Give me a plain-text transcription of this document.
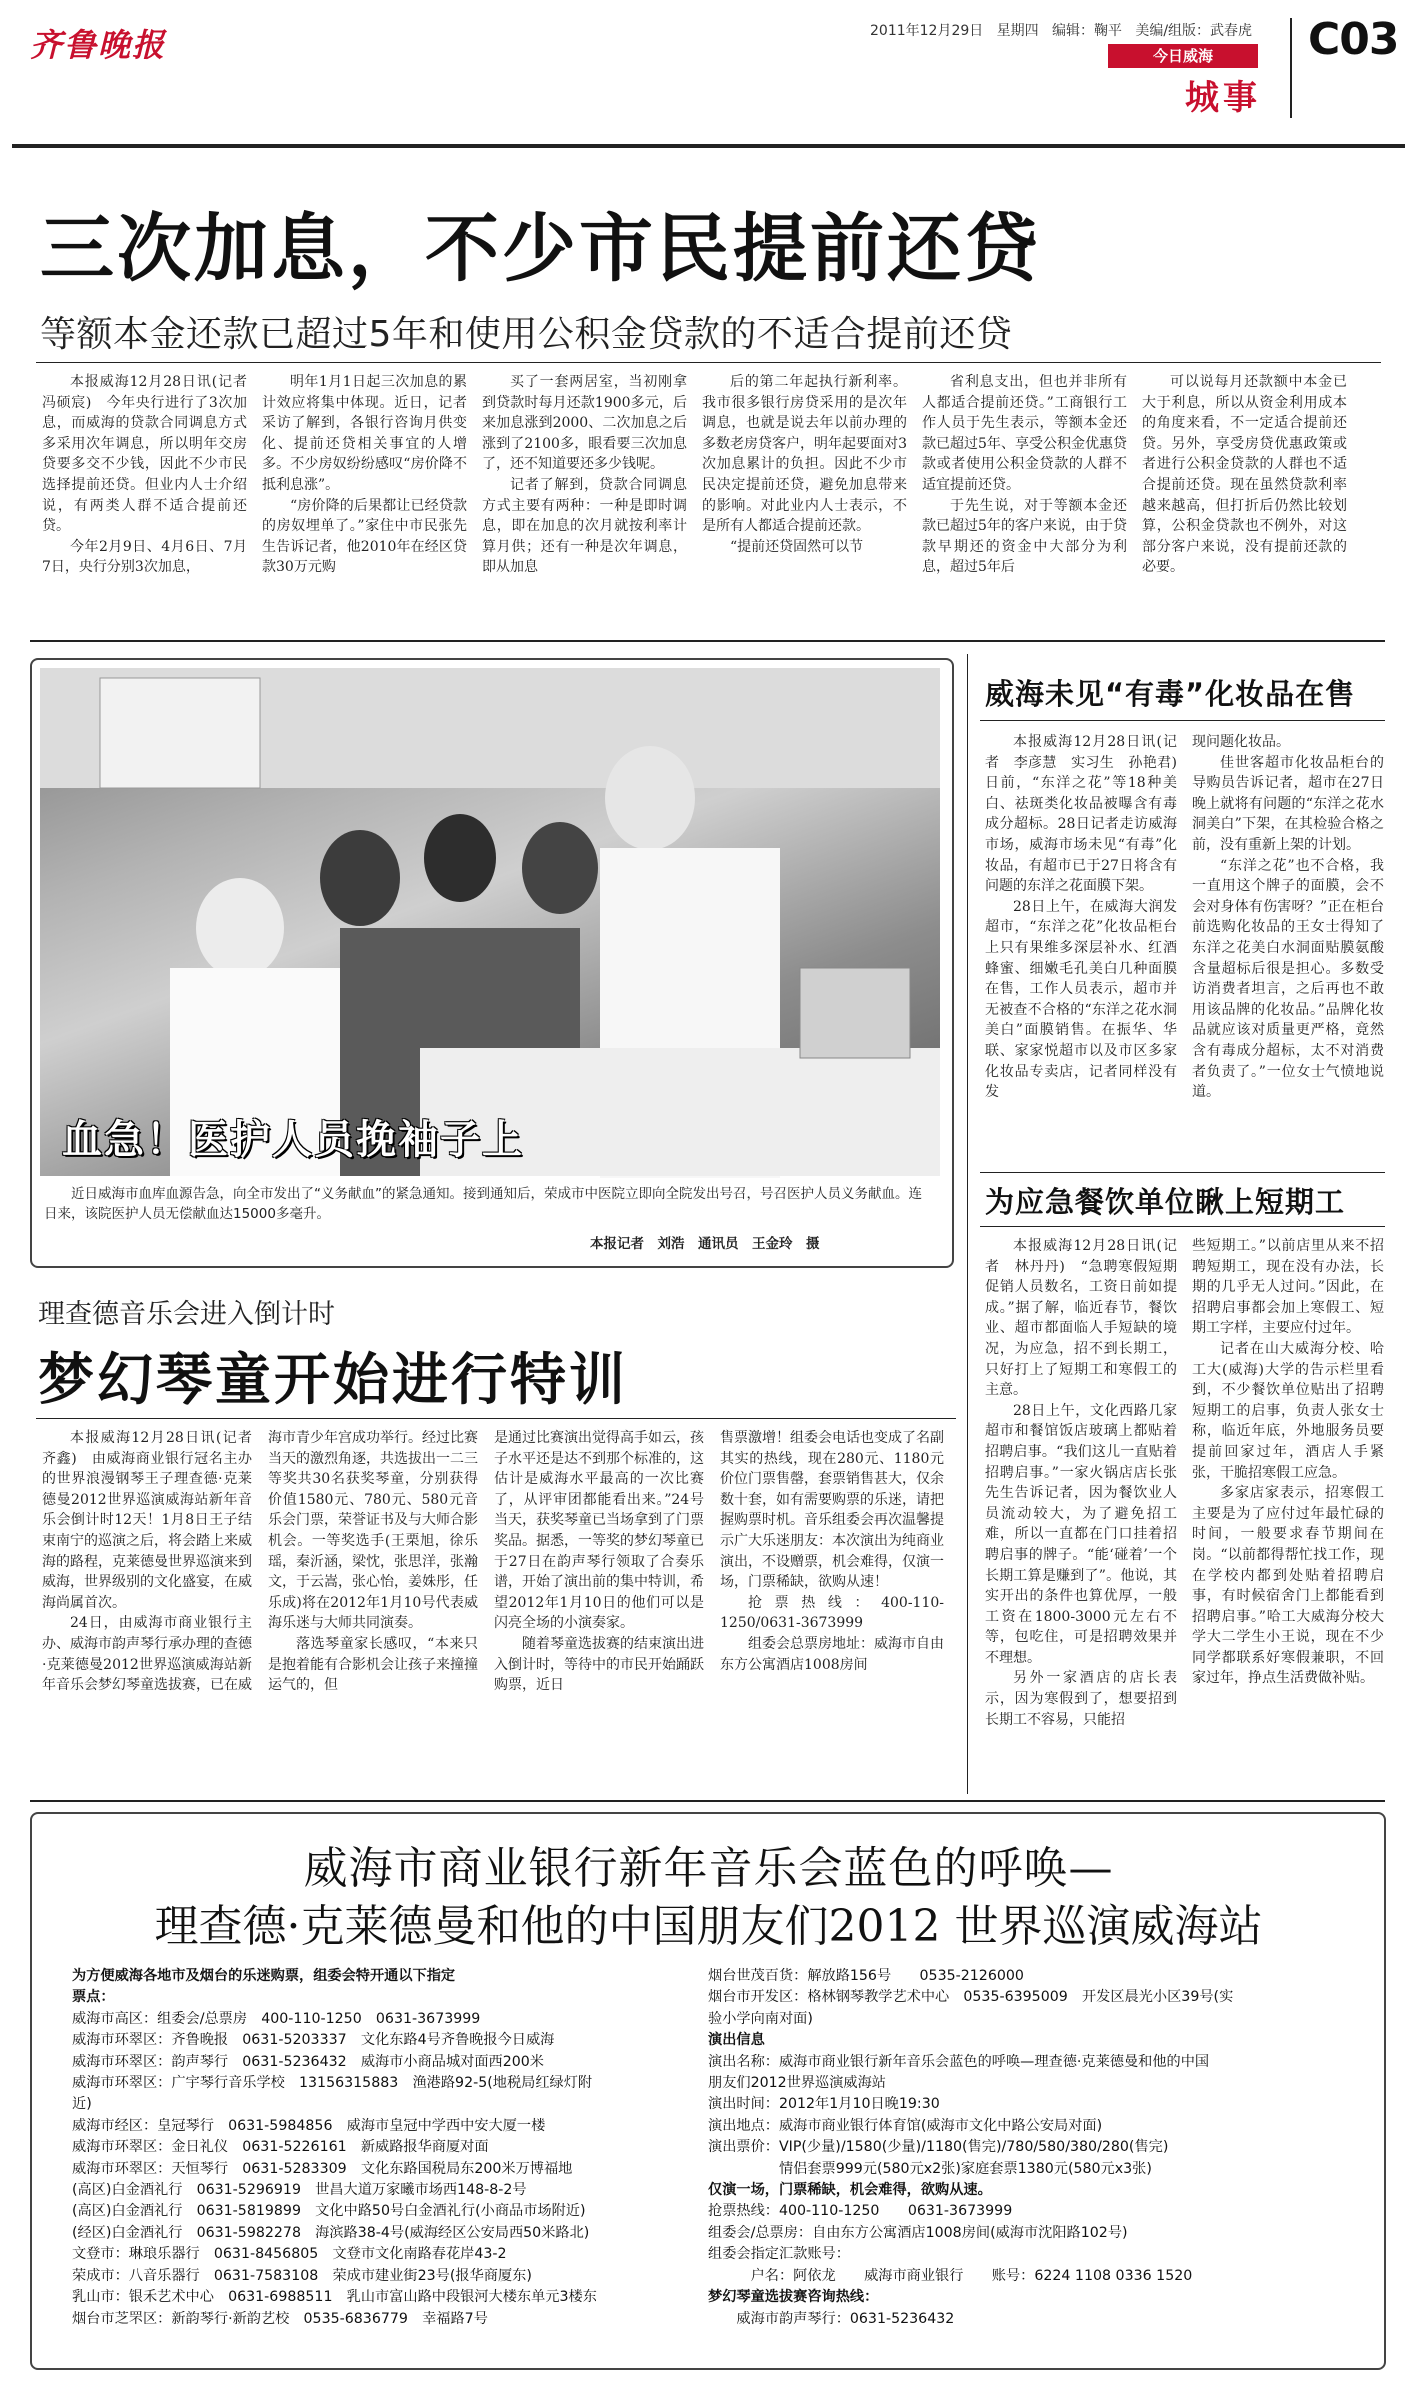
齐鲁晚报	2011年12月29日 星期四 编辑：鞠平 美编/组版：武春虎
今日威海
城事
C03
三次加息，不少市民提前还贷
等额本金还款已超过5年和使用公积金贷款的不适合提前还贷

本报威海12月28日讯(记者　冯硕宸)　今年央行进行了3次加息，而威海的贷款合同调息方式多采用次年调息，所以明年交房贷要多交不少钱，因此不少市民选择提前还贷。但业内人士介绍说，有两类人群不适合提前还贷。

今年2月9日、4月6日、7月7日，央行分别3次加息，

明年1月1日起三次加息的累计效应将集中体现。近日，记者采访了解到，各银行咨询月供变化、提前还贷相关事宜的人增多。不少房奴纷纷感叹“房价降不抵利息涨”。

“房价降的后果都让已经贷款的房奴埋单了。”家住中市民张先生告诉记者，他2010年在经区贷款30万元购

买了一套两居室，当初刚拿到贷款时每月还款1900多元，后来加息涨到2000、二次加息之后涨到了2100多，眼看要三次加息了，还不知道要还多少钱呢。

记者了解到，贷款合同调息方式主要有两种：一种是即时调息，即在加息的次月就按利率计算月供；还有一种是次年调息，即从加息

后的第二年起执行新利率。我市很多银行房贷采用的是次年调息，也就是说去年以前办理的多数老房贷客户，明年起要面对3次加息累计的负担。因此不少市民决定提前还贷，避免加息带来的影响。对此业内人士表示，不是所有人都适合提前还款。

“提前还贷固然可以节

省利息支出，但也并非所有人都适合提前还贷。”工商银行工作人员于先生表示，等额本金还款已超过5年、享受公积金优惠贷款或者使用公积金贷款的人群不适宜提前还贷。

于先生说，对于等额本金还款已超过5年的客户来说，由于贷款早期还的资金中大部分为利息，超过5年后

可以说每月还款额中本金已大于利息，所以从资金利用成本的角度来看，不一定适合提前还贷。另外，享受房贷优惠政策或者进行公积金贷款的人群也不适合提前还贷。现在虽然贷款利率越来越高，但打折后仍然比较划算，公积金贷款也不例外，对这部分客户来说，没有提前还款的必要。

血急！医护人员挽袖子上
近日威海市血库血源告急，向全市发出了“义务献血”的紧急通知。接到通知后，荣成市中医院立即向全院发出号召，号召医护人员义务献血。连日来，该院医护人员无偿献血达15000多毫升。
本报记者　刘浩　通讯员　王金玲　摄
威海未见“有毒”化妆品在售

本报威海12月28日讯(记者　李彦慧　实习生　孙艳君)　日前，“东洋之花”等18种美白、祛斑类化妆品被曝含有毒成分超标。28日记者走访威海市场，威海市场未见“有毒”化妆品，有超市已于27日将含有问题的东洋之花面膜下架。

28日上午，在威海大润发超市，“东洋之花”化妆品柜台上只有果维多深层补水、红酒蜂蜜、细嫩毛孔美白几种面膜在售，工作人员表示，超市并无被查不合格的“东洋之花水洞美白”面膜销售。在振华、华联、家家悦超市以及市区多家化妆品专卖店，记者同样没有发

现问题化妆品。

佳世客超市化妆品柜台的导购员告诉记者，超市在27日晚上就将有问题的“东洋之花水洞美白”下架，在其检验合格之前，没有重新上架的计划。

“东洋之花”也不合格，我一直用这个牌子的面膜，会不会对身体有伤害呀？”正在柜台前选购化妆品的王女士得知了东洋之花美白水洞面贴膜氨酸含量超标后很是担心。多数受访消费者坦言，之后再也不敢用该品牌的化妆品。”品牌化妆品就应该对质量更严格，竟然含有毒成分超标，太不对消费者负责了。”一位女士气愤地说道。

为应急餐饮单位瞅上短期工

本报威海12月28日讯(记者　林丹丹)　“急聘寒假短期促销人员数名，工资日前如提成。”据了解，临近春节，餐饮业、超市都面临人手短缺的境况，为应急，招不到长期工，只好打上了短期工和寒假工的主意。

28日上午，文化西路几家超市和餐馆饭店玻璃上都贴着招聘启事。“我们这儿一直贴着招聘启事。”一家火锅店店长张先生告诉记者，因为餐饮业人员流动较大，为了避免招工难，所以一直都在门口挂着招聘启事的牌子。“能‘碰着’一个长期工算是赚到了”。他说，其实开出的条件也算优厚，一般工资在1800-3000元左右不等，包吃住，可是招聘效果并不理想。

另外一家酒店的店长表示，因为寒假到了，想要招到长期工不容易，只能招

些短期工。”以前店里从来不招聘短期工，现在没有办法，长期的几乎无人过问。”因此，在招聘启事都会加上寒假工、短期工字样，主要应付过年。

记者在山大威海分校、哈工大(威海)大学的告示栏里看到，不少餐饮单位贴出了招聘短期工的启事，负责人张女士称，临近年底，外地服务员要提前回家过年，酒店人手紧张，干脆招寒假工应急。

多家店家表示，招寒假工主要是为了应付过年最忙碌的时间，一般要求春节期间在岗。“以前都得帮忙找工作，现在学校内都到处贴着招聘启事，有时候宿舍门上都能看到招聘启事。”哈工大威海分校大学大二学生小王说，现在不少同学都联系好寒假兼职，不回家过年，挣点生活费做补贴。

理查德音乐会进入倒计时
梦幻琴童开始进行特训

本报威海12月28日讯(记者　齐鑫)　由威海商业银行冠名主办的世界浪漫钢琴王子理查德·克莱德曼2012世界巡演威海站新年音乐会倒计时12天！1月8日王子结束南宁的巡演之后，将会踏上来威海的路程，克莱德曼世界巡演来到威海，世界级别的文化盛宴，在威海尚属首次。

24日，由威海市商业银行主办、威海市韵声琴行承办理的查德·克莱德曼2012世界巡演威海站新年音乐会梦幻琴童选拔赛，已在威

海市青少年宫成功举行。经过比赛当天的激烈角逐，共选拔出一二三等奖共30名获奖琴童，分别获得价值1580元、780元、580元音乐会门票，荣誉证书及与大师合影机会。一等奖选手(王栗旭，徐乐瑶，秦沂涵，梁忱，张思洋，张瀚文，于云嵩，张心怡，姜姝彤，任乐成)将在2012年1月10号代表威海乐迷与大师共同演奏。

落选琴童家长感叹，“本来只是抱着能有合影机会让孩子来撞撞运气的，但

是通过比赛演出觉得高手如云，孩子水平还是达不到那个标准的，这估计是威海水平最高的一次比赛了，从评审团都能看出来。”24号当天，获奖琴童已当场拿到了门票奖品。据悉，一等奖的梦幻琴童已于27日在韵声琴行领取了合奏乐谱，开始了演出前的集中特训，希望2012年1月10日的他们可以是闪亮全场的小演奏家。

随着琴童选拔赛的结束演出进入倒计时，等待中的市民开始踊跃购票，近日

售票激增！组委会电话也变成了名副其实的热线，现在280元、1180元价位门票售罄，套票销售甚大，仅余数十套，如有需要购票的乐迷，请把握购票时机。音乐组委会再次温馨提示广大乐迷朋友：本次演出为纯商业演出，不设赠票，机会难得，仅演一场，门票稀缺，欲购从速！

抢票热线：400-110-1250/0631-3673999

组委会总票房地址：威海市自由东方公寓酒店1008房间

威海市商业银行新年音乐会蓝色的呼唤—
理查德·克莱德曼和他的中国朋友们2012 世界巡演威海站
为方便威海各地市及烟台的乐迷购票，组委会特开通以下指定
票点：
威海市高区：组委会/总票房　400-110-1250　0631-3673999
威海市环翠区：齐鲁晚报　0631-5203337　文化东路4号齐鲁晚报今日威海
威海市环翠区：韵声琴行　0631-5236432　威海市小商品城对面西200米
威海市环翠区：广宇琴行音乐学校　13156315883　渔港路92-5(地税局红绿灯附
近)
威海市经区：皇冠琴行　0631-5984856　威海市皇冠中学西中安大厦一楼
威海市环翠区：金日礼仪　0631-5226161　新威路报华商厦对面
威海市环翠区：天恒琴行　0631-5283309　文化东路国税局东200米万博福地
(高区)白金酒礼行　0631-5296919　世昌大道万家曦市场西148-8-2号
(高区)白金酒礼行　0631-5819899　文化中路50号白金酒礼行(小商品市场附近)
(经区)白金酒礼行　0631-5982278　海滨路38-4号(威海经区公安局西50米路北)
文登市：琳琅乐器行　0631-8456805　文登市文化南路春花岸43-2
荣成市：八音乐器行　0631-7583108　荣成市建业街23号(报华商厦东)
乳山市：银禾艺术中心　0631-6988511　乳山市富山路中段银河大楼东单元3楼东
烟台市芝罘区：新韵琴行·新韵艺校　0535-6836779　幸福路7号
烟台世茂百货：解放路156号　　0535-2126000
烟台市开发区：格林钢琴教学艺术中心　0535-6395009　开发区晨光小区39号(实
验小学向南对面)
演出信息
演出名称：威海市商业银行新年音乐会蓝色的呼唤—理查德·克莱德曼和他的中国
朋友们2012世界巡演威海站
演出时间：2012年1月10日晚19:30
演出地点：威海市商业银行体育馆(威海市文化中路公安局对面)
演出票价：VIP(少量)/1580(少量)/1180(售完)/780/580/380/280(售完)
　　　　　情侣套票999元(580元x2张)家庭套票1380元(580元x3张)
仅演一场，门票稀缺，机会难得，欲购从速。
抢票热线：400-110-1250　　0631-3673999
组委会/总票房：自由东方公寓酒店1008房间(威海市沈阳路102号)
组委会指定汇款账号：
　　　户名：阿依龙　　威海市商业银行　　账号：6224 1108 0336 1520
梦幻琴童选拔赛咨询热线：
　　威海市韵声琴行：0631-5236432
